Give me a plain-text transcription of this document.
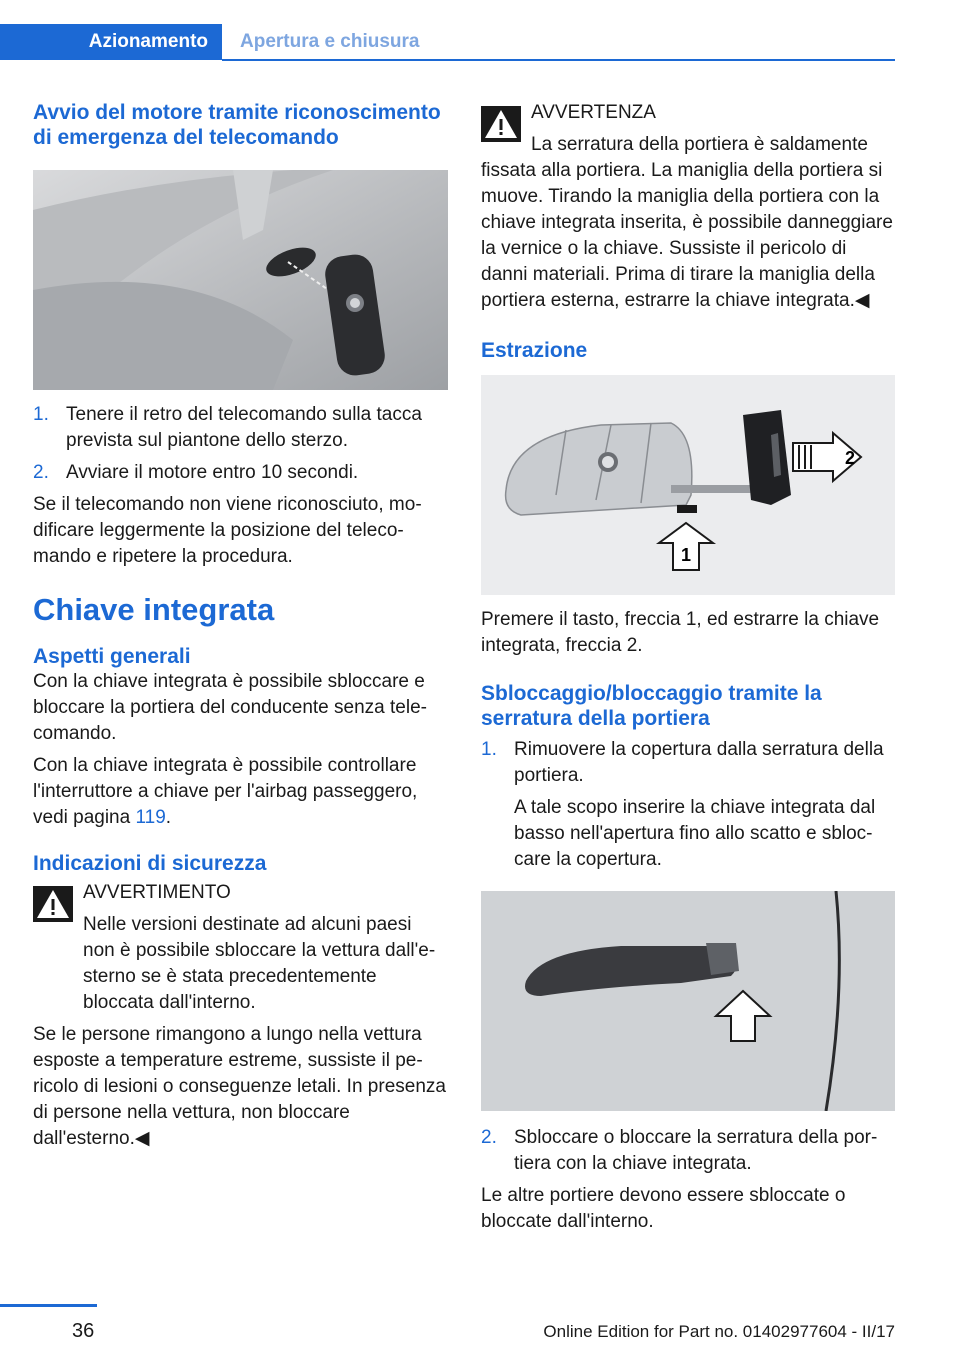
Azionamento	Apertura e chiusura
Avvio del motore tramite riconoscimento di emergenza del telecomando
1. Tenere il retro del telecomando sulla tacca prevista sul piantone dello sterzo.
2. Avviare il motore entro 10 secondi.

Se il telecomando non viene riconosciuto, modificare leggermente la posizione del telecomando e ripetere la procedura.

Chiave integrata
Aspetti generali

Con la chiave integrata è possibile sbloccare e bloccare la portiera del conducente senza telecomando.

Con la chiave integrata è possibile controllare l'interruttore a chiave per l'airbag passeggero, vedi pagina 119.

Indicazioni di sicurezza

AVVERTIMENTO

Nelle versioni destinate ad alcuni paesi non è possibile sbloccare la vettura dall'esterno se è stata precedentemente bloccata dall'interno.

Se le persone rimangono a lungo nella vettura esposte a temperature estreme, sussiste il pericolo di lesioni o conseguenze letali. In presenza di persone nella vettura, non bloccare dall'esterno.◀

AVVERTENZA

La serratura della portiera è saldamente fissata alla portiera. La maniglia della portiera si muove. Tirando la maniglia della portiera con la chiave integrata inserita, è possibile danneggiare la vernice o la chiave. Sussiste il pericolo di danni materiali. Prima di tirare la maniglia della portiera esterna, estrarre la chiave integrata.◀

Estrazione
2
1

Premere il tasto, freccia 1, ed estrarre la chiave integrata, freccia 2.

Sbloccaggio/bloccaggio tramite la serratura della portiera
1. Rimuovere la copertura dalla serratura della portiera.

A tale scopo inserire la chiave integrata dal basso nell'apertura fino allo scatto e sbloccare la copertura.

2. Sbloccare o bloccare la serratura della portiera con la chiave integrata.

Le altre portiere devono essere sbloccate o bloccate dall'interno.

36	Online Edition for Part no. 01402977604 - II/17
